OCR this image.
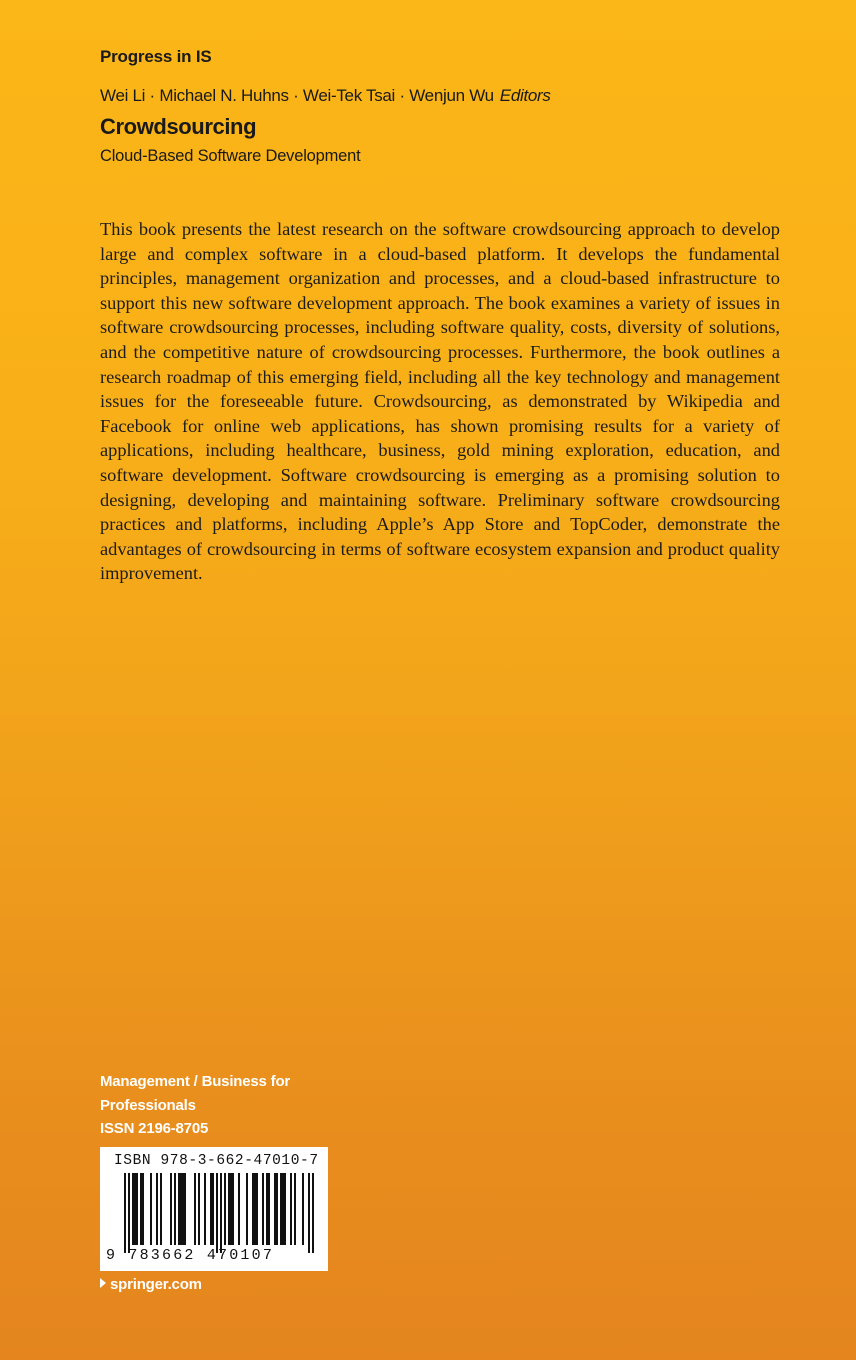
Progress in IS
Wei Li · Michael N. Huhns · Wei-Tek Tsai · Wenjun Wu Editors
Crowdsourcing
Cloud-Based Software Development
This book presents the latest research on the software crowdsourcing approach to develop large and complex software in a cloud-based platform. It develops the fundamental principles, management organization and processes, and a cloud-based infrastructure to support this new software development approach. The book examines a variety of issues in software crowdsourcing processes, including software quality, costs, diversity of solutions, and the competitive nature of crowdsourcing processes. Furthermore, the book outlines a research roadmap of this emerging field, including all the key technology and management issues for the foreseeable future. Crowdsourcing, as demonstrated by Wikipedia and Facebook for online web applications, has shown promising results for a variety of applications, including healthcare, business, gold mining exploration, education, and software development. Software crowdsourcing is emerging as a promising solution to designing, developing and maintaining software. Preliminary software crowdsourcing practices and platforms, including Apple’s App Store and TopCoder, demonstrate the advantages of crowdsourcing in terms of software ecosystem expansion and product quality improvement.
Management / Business for
Professionals
ISSN 2196-8705
ISBN 978-3-662-47010-7
9 783662 470107
springer.com
